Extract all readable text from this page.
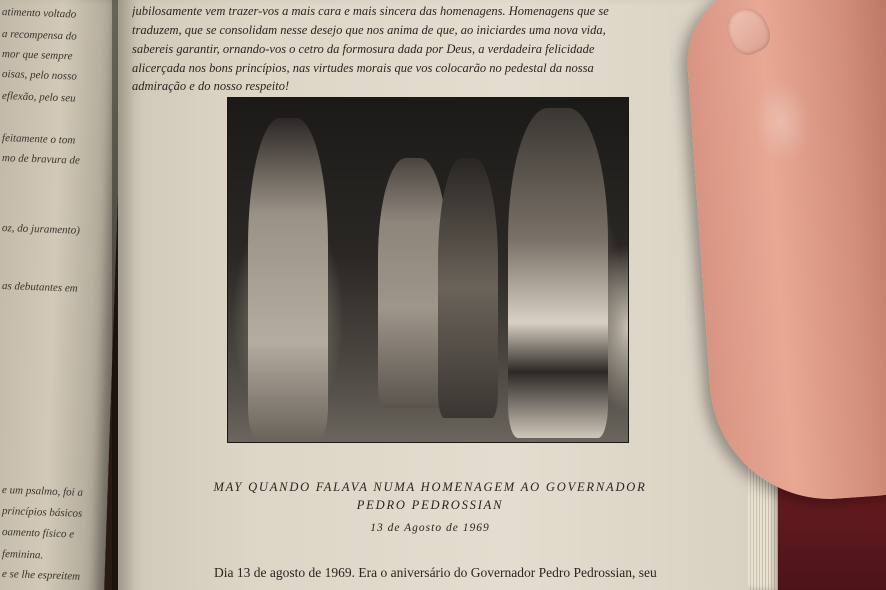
atimento voltado
a recompensa do
mor que sempre
oisas, pelo nosso
eflexão, pelo seu
feitamente o tom
mo de bravura de
oz, do juramento)
as debutantes em
e um psalmo, foi a
princípios básicos
oamento físico e
feminina.
e se lhe espreitem
jubilosamente vem trazer-vos a mais cara e mais sincera das homenagens. Homenagens que se
traduzem, que se consolidam nesse desejo que nos anima de que, ao iniciardes uma nova vida,
sabereis garantir, ornando-vos o cetro da formosura dada por Deus, a verdadeira felicidade
alicerçada nos bons princípios, nas virtudes morais que vos colocarão no pedestal da nossa
admiração e do nosso respeito!
MAY QUANDO FALAVA NUMA HOMENAGEM AO GOVERNADOR
PEDRO PEDROSSIAN
13 de Agosto de 1969
Dia 13 de agosto de 1969. Era o aniversário do Governador Pedro Pedrossian, seu
